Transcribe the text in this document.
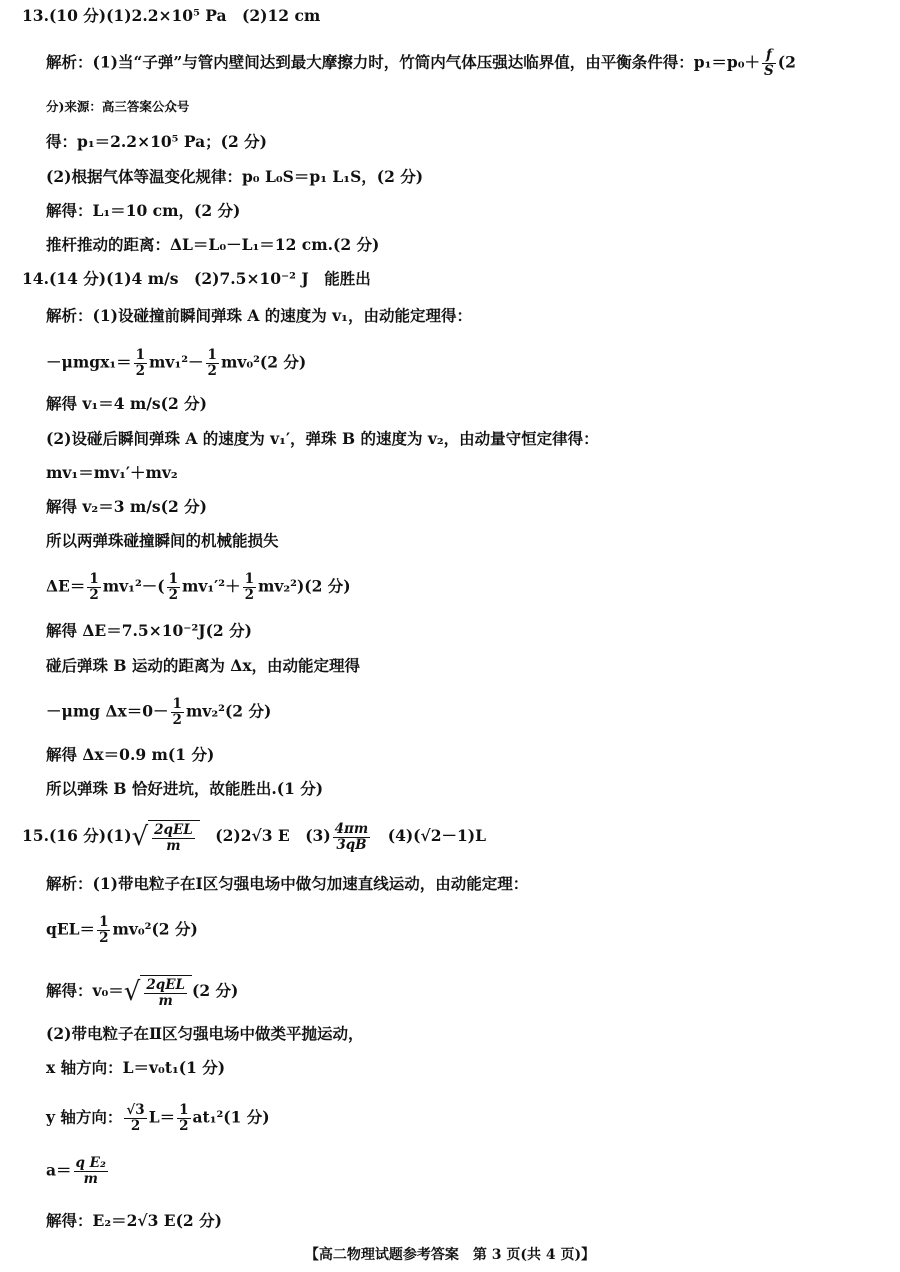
13.(10 分)(1)2.2×10⁵ Pa　(2)12 cm
解析：(1)当“子弹”与管内壁间达到最大摩擦力时，竹筒内气体压强达临界值，由平衡条件得：$p_1=p_0+ \frac{f}{S} (2$
分)来源：高三答案公众号
得：p₁＝2.2×10⁵ Pa；(2 分)
(2)根据气体等温变化规律：p₀ L₀S＝p₁ L₁S，(2 分)
解得：L₁＝10 cm，(2 分)
推杆推动的距离：ΔL＝L₀－L₁＝12 cm.(2 分)
14.(14 分)(1)4 m/s　(2)7.5×10⁻² J　能胜出
解析：(1)设碰撞前瞬间弹珠 A 的速度为 v₁，由动能定理得：
$-\mu mgx_1= \frac{1}{2} mv_1^2- \frac{1}{2} mv_0^2(2$ 分)
解得 v₁＝4 m/s(2 分)
(2)设碰后瞬间弹珠 A 的速度为 v₁′，弹珠 B 的速度为 v₂，由动量守恒定律得：
mv₁＝mv₁′＋mv₂
解得 v₂＝3 m/s(2 分)
所以两弹珠碰撞瞬间的机械能损失
$\Delta E= \frac{1}{2} mv_1^2-( \frac{1}{2} mv_1'^2+ \frac{1}{2} mv_2^2)(2$ 分)
解得 ΔE＝7.5×10⁻²J(2 分)
碰后弹珠 B 运动的距离为 Δx，由动能定理得
－μmg $\Delta x=0- \frac{1}{2} mv_2^2(2$ 分)
解得 Δx＝0.9 m(1 分)
所以弹珠 B 恰好进坑，故能胜出.(1 分)
15.(16 分)(1) √ $\frac{\text{2qEL}}{m}$
　 (2)2√3 E　$(3) \frac{4\pi m}{3qB}$
　 (4)(√2－1)L
解析：(1)带电粒子在Ⅰ区匀强电场中做匀加速直线运动，由动能定理：
$qEL= \frac{1}{2} mv_0^2(2$ 分)
解得：v₀＝ √ $\frac{\text{2qEL}}{m} (2$ 分)
(2)带电粒子在Ⅱ区匀强电场中做类平抛运动，
x 轴方向：L＝v₀t₁(1 分)
y 轴方向： $\frac{√3}{2} L= \frac{1}{2} at_1^2(1$ 分)
$a= \frac{\text{q E₂}}{m}$
解得：E₂＝2√3 E(2 分)
【高二物理试题参考答案　第 3 页(共 4 页)】
